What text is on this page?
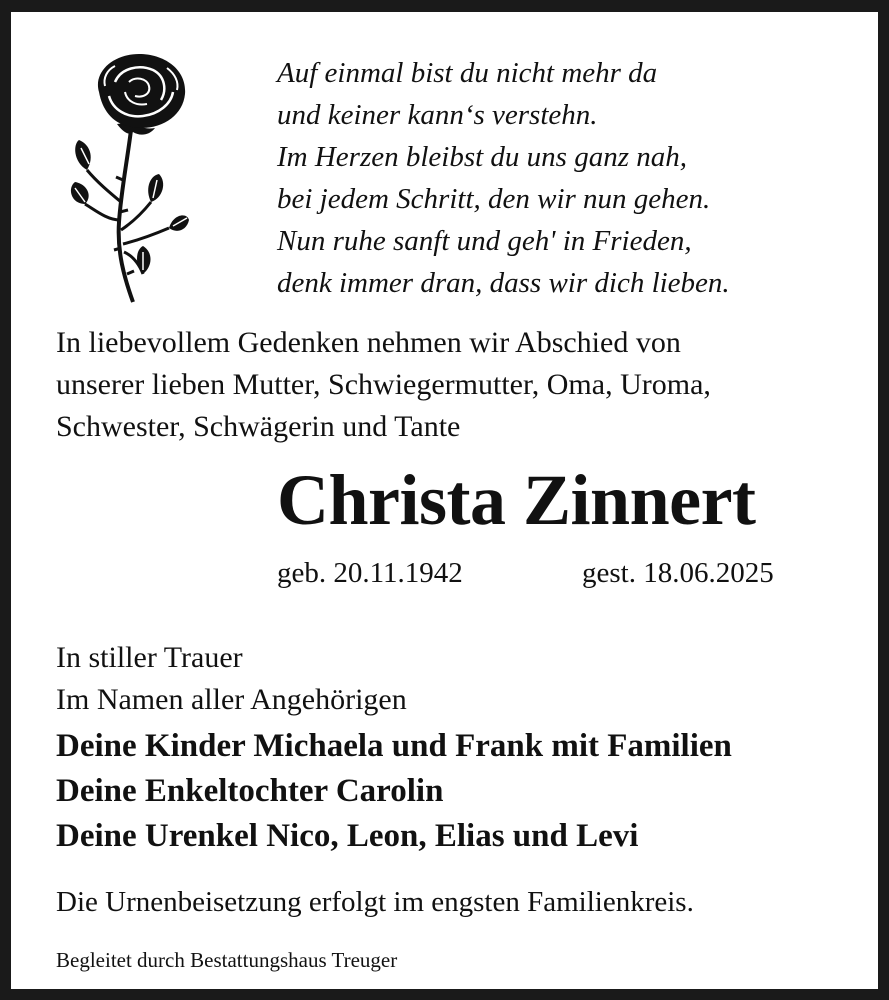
Auf einmal bist du nicht mehr da
und keiner kann‘s verstehn.
Im Herzen bleibst du uns ganz nah,
bei jedem Schritt, den wir nun gehen.
Nun ruhe sanft und geh' in Frieden,
denk immer dran, dass wir dich lieben.
In liebevollem Gedenken nehmen wir Abschied von
unserer lieben Mutter, Schwiegermutter, Oma, Uroma,
Schwester, Schwägerin und Tante
Christa Zinnert
geb. 20.11.1942	gest. 18.06.2025
In stiller Trauer
Im Namen aller Angehörigen
Deine Kinder Michaela und Frank mit Familien
Deine Enkeltochter Carolin
Deine Urenkel Nico, Leon, Elias und Levi
Die Urnenbeisetzung erfolgt im engsten Familienkreis.
Begleitet durch Bestattungshaus Treuger
